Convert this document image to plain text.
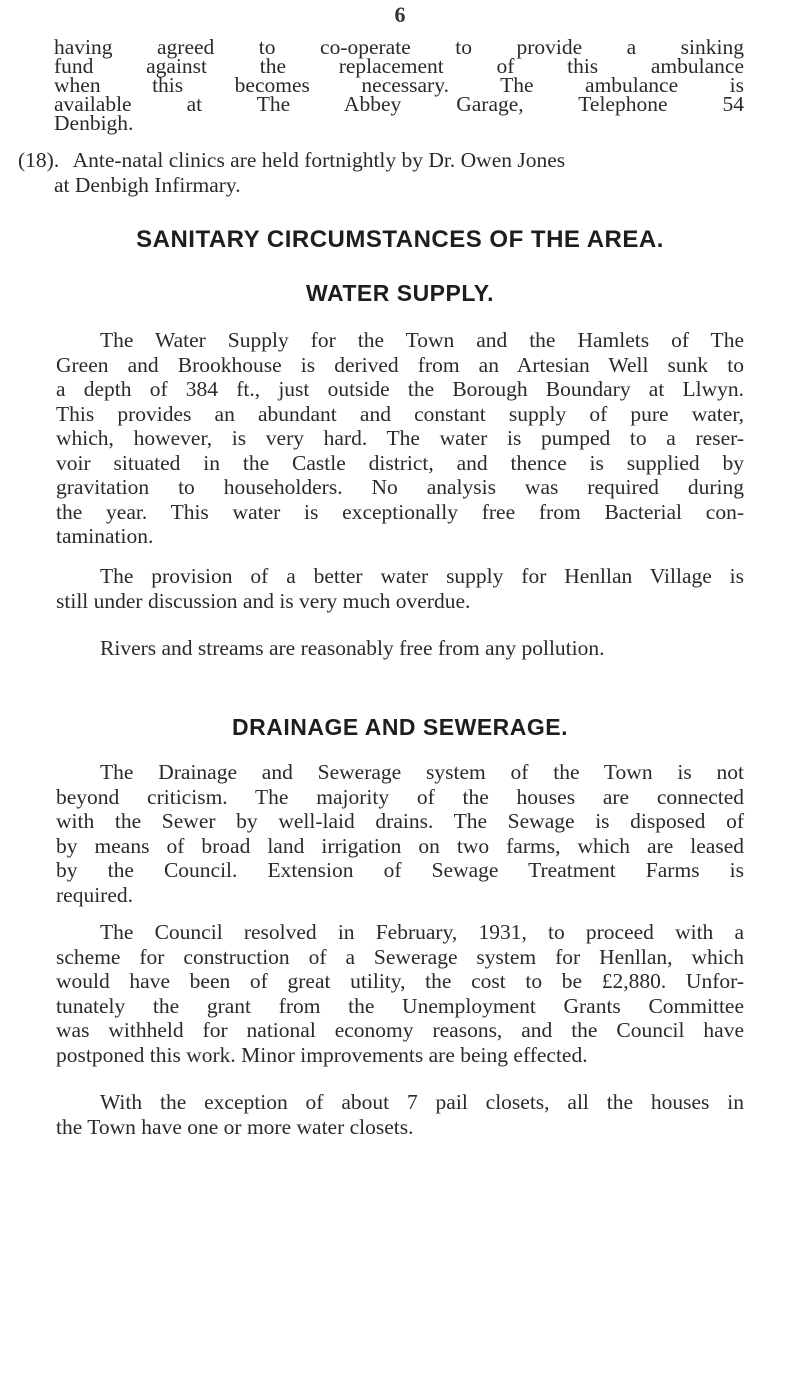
6
having agreed to co-operate to provide a sinking
fund against the replacement of this ambulance
when this becomes necessary. The ambulance is
available at The Abbey Garage, Telephone 54
Denbigh.
(18). Ante-natal clinics are held fortnightly by Dr. Owen Jones
at Denbigh Infirmary.
SANITARY CIRCUMSTANCES OF THE AREA.
WATER SUPPLY.
The Water Supply for the Town and the Hamlets of The
Green and Brookhouse is derived from an Artesian Well sunk to
a depth of 384 ft., just outside the Borough Boundary at Llwyn.
This provides an abundant and constant supply of pure water,
which, however, is very hard. The water is pumped to a reser-
voir situated in the Castle district, and thence is supplied by
gravitation to householders. No analysis was required during
the year. This water is exceptionally free from Bacterial con-
tamination.
The provision of a better water supply for Henllan Village is
still under discussion and is very much overdue.
Rivers and streams are reasonably free from any pollution.
DRAINAGE AND SEWERAGE.
The Drainage and Sewerage system of the Town is not
beyond criticism. The majority of the houses are connected
with the Sewer by well-laid drains. The Sewage is disposed of
by means of broad land irrigation on two farms, which are leased
by the Council. Extension of Sewage Treatment Farms is
required.
The Council resolved in February, 1931, to proceed with a
scheme for construction of a Sewerage system for Henllan, which
would have been of great utility, the cost to be £2,880. Unfor-
tunately the grant from the Unemployment Grants Committee
was withheld for national economy reasons, and the Council have
postponed this work. Minor improvements are being effected.
With the exception of about 7 pail closets, all the houses in
the Town have one or more water closets.
